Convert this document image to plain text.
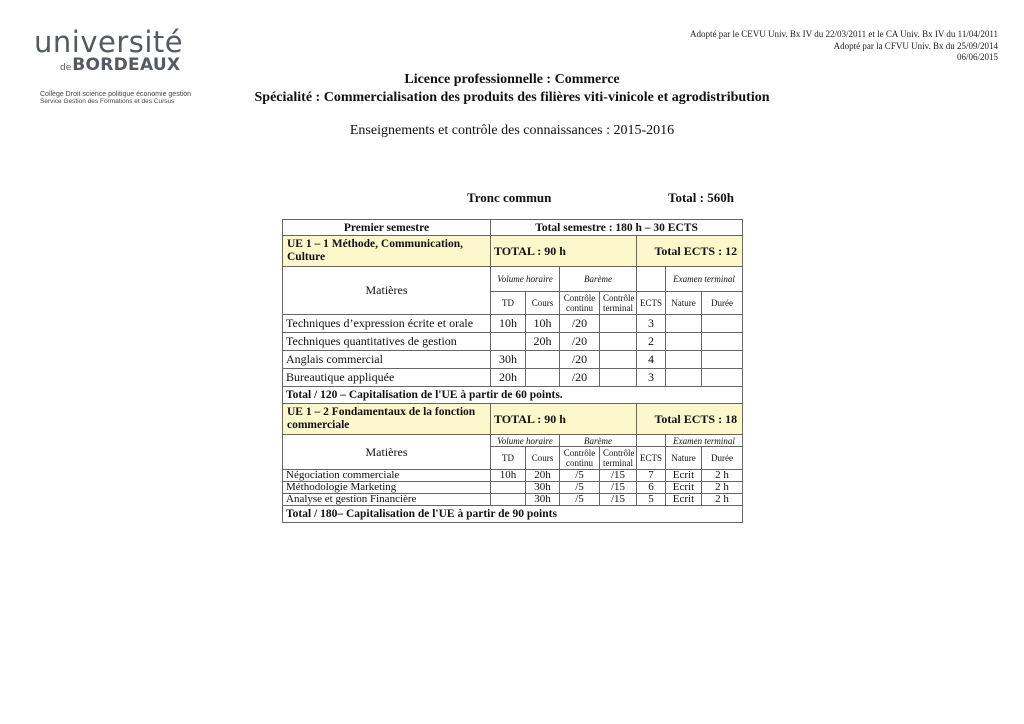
université
de BORDEAUX
Collège Droit science politique économie gestion
Service Gestion des Formations et des Cursus
Adopté par le CEVU Univ. Bx IV du 22/03/2011 et le CA Univ. Bx IV du 11/04/2011
Adopté par la CFVU Univ. Bx du 25/09/2014
06/06/2015
Licence professionnelle : Commerce
Spécialité : Commercialisation des produits des filières viti-vinicole et agrodistribution
Enseignements et contrôle des connaissances : 2015-2016
Tronc commun	Total : 560h
Premier semestre	Total semestre : 180 h – 30 ECTS						
UE 1 – 1 Méthode, Communication, Culture	TOTAL : 90 h				Total ECTS : 12		
Matières	Volume horaire		Barème			Examen terminal	
	TD	Cours	Contrôle continu	Contrôle terminal	ECTS	Nature	Durée
Techniques d’expression écrite et orale	10h	10h	/20		3		
Techniques quantitatives de gestion		20h	/20		2		
Anglais commercial	30h		/20		4		
Bureautique appliquée	20h		/20		3		
Total / 120 – Capitalisation de l'UE à partir de 60 points.							
UE 1 – 2 Fondamentaux de la fonction commerciale	TOTAL : 90 h				Total ECTS : 18		
Matières	Volume horaire		Barème			Examen terminal	
	TD	Cours	Contrôle continu	Contrôle terminal	ECTS	Nature	Durée
Négociation commerciale	10h	20h	/5	/15	7	Ecrit	2 h
Méthodologie Marketing		30h	/5	/15	6	Ecrit	2 h
Analyse et gestion Financière		30h	/5	/15	5	Ecrit	2 h
Total / 180– Capitalisation de l'UE à partir de 90 points							
